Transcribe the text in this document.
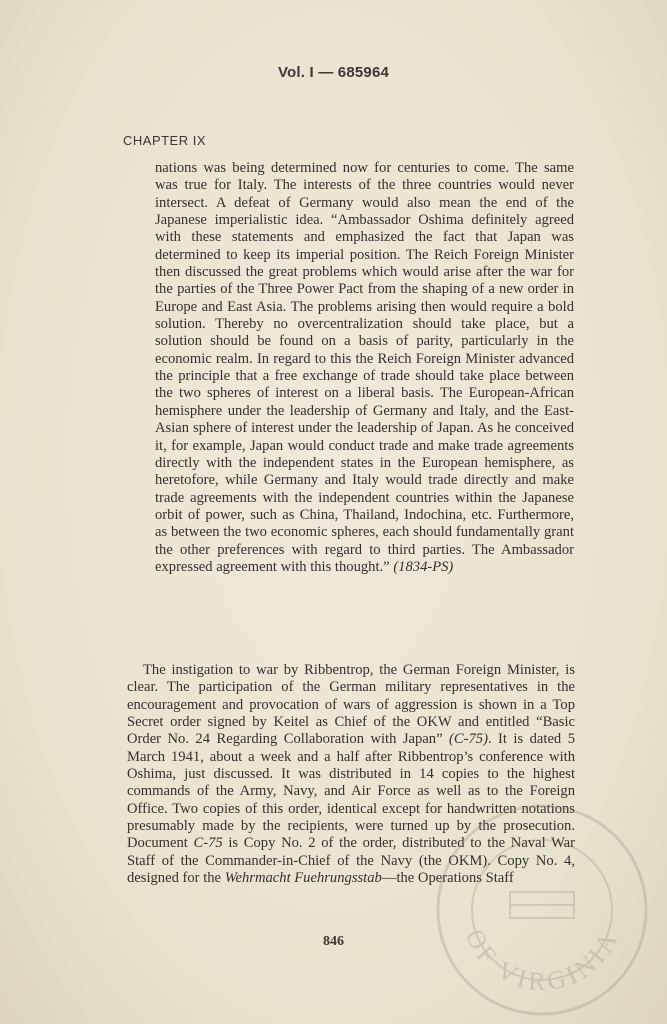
Vol. I — 685964
CHAPTER IX

nations was being determined now for centuries to come. The same was true for Italy. The interests of the three countries would never intersect. A defeat of Germany would also mean the end of the Japanese imperialistic idea. “Ambassador Oshima definitely agreed with these statements and emphasized the fact that Japan was determined to keep its imperial position. The Reich Foreign Minister then discussed the great problems which would arise after the war for the parties of the Three Power Pact from the shaping of a new order in Europe and East Asia. The problems arising then would require a bold solution. Thereby no overcentralization should take place, but a solution should be found on a basis of parity, particularly in the economic realm. In regard to this the Reich Foreign Minister advanced the principle that a free exchange of trade should take place between the two spheres of interest on a liberal basis. The European-African hemisphere under the leadership of Germany and Italy, and the East-Asian sphere of interest under the leadership of Japan. As he conceived it, for example, Japan would conduct trade and make trade agreements directly with the independent states in the European hemisphere, as heretofore, while Germany and Italy would trade directly and make trade agreements with the independent countries within the Japanese orbit of power, such as China, Thailand, Indochina, etc. Furthermore, as between the two economic spheres, each should fundamentally grant the other preferences with regard to third parties. The Ambassador expressed agreement with this thought.” (1834-PS)

The instigation to war by Ribbentrop, the German Foreign Minister, is clear. The participation of the German military representatives in the encouragement and provocation of wars of aggression is shown in a Top Secret order signed by Keitel as Chief of the OKW and entitled “Basic Order No. 24 Regarding Collaboration with Japan” (C-75). It is dated 5 March 1941, about a week and a half after Ribbentrop’s conference with Oshima, just discussed. It was distributed in 14 copies to the highest commands of the Army, Navy, and Air Force as well as to the Foreign Office. Two copies of this order, identical except for handwritten notations presumably made by the recipients, were turned up by the prosecution. Document C-75 is Copy No. 2 of the order, distributed to the Naval War Staff of the Commander-in-Chief of the Navy (the OKM). Copy No. 4, designed for the Wehrmacht Fuehrungsstab—the Operations Staff

846	OF VIRGINIA
